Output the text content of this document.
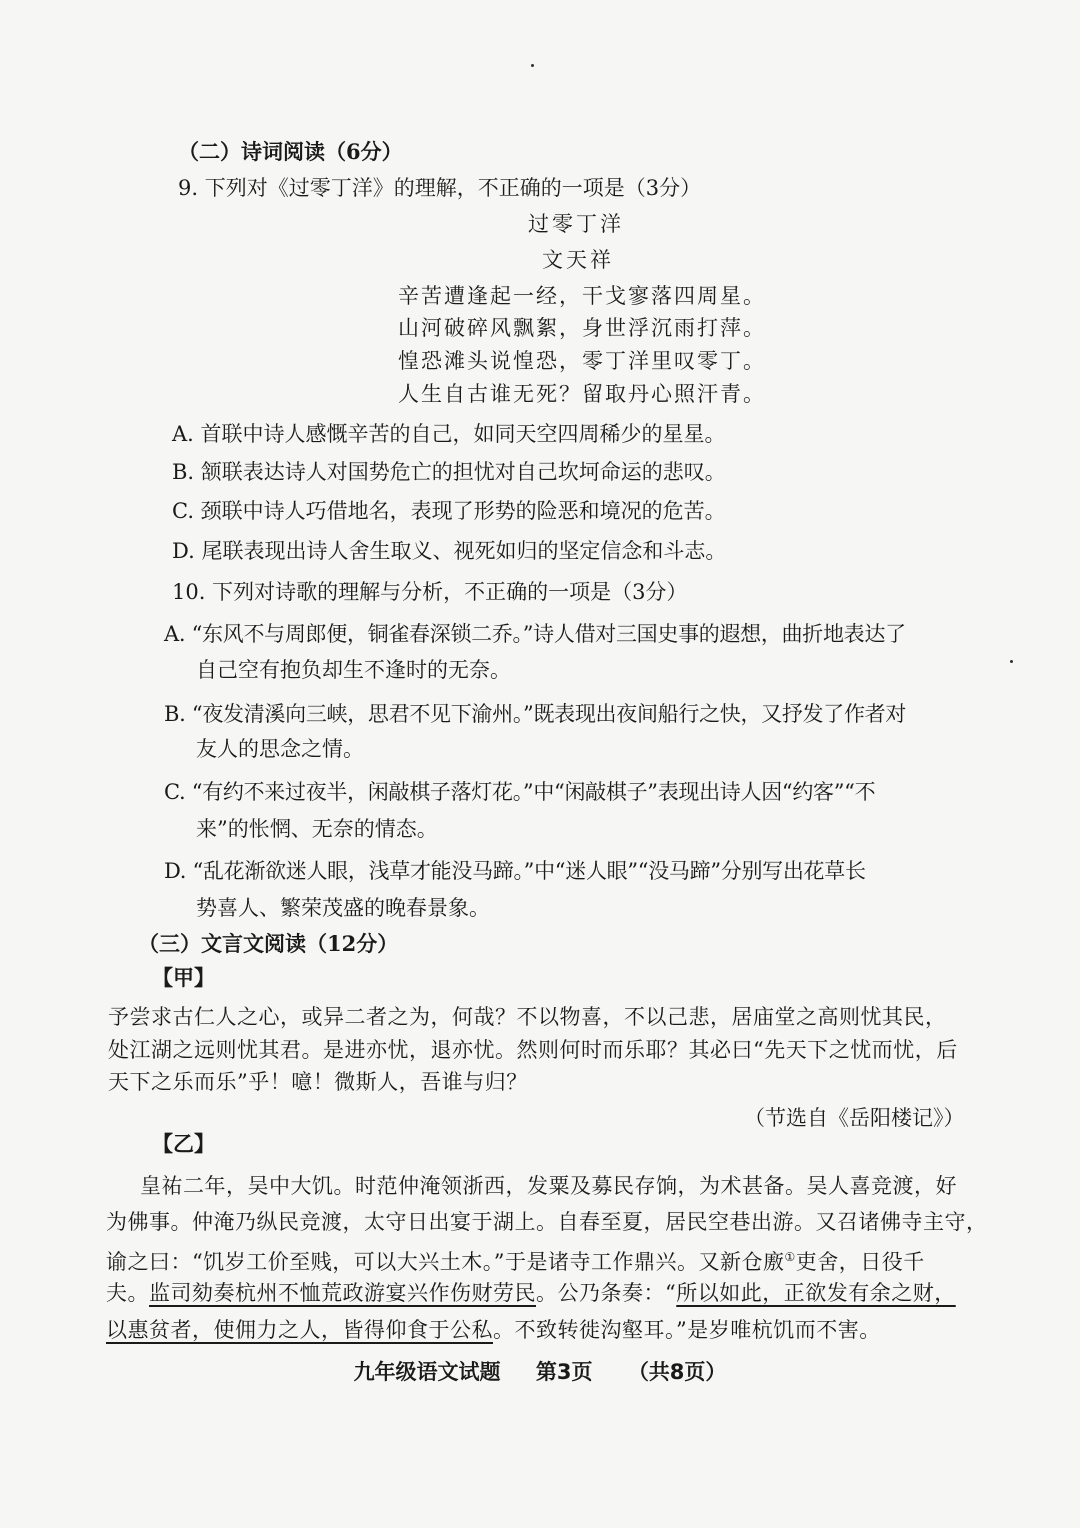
（二）诗词阅读（6分）
9. 下列对《过零丁洋》的理解，不正确的一项是（3分）
过零丁洋
文天祥
辛苦遭逢起一经，干戈寥落四周星。
山河破碎风飘絮，身世浮沉雨打萍。
惶恐滩头说惶恐，零丁洋里叹零丁。
人生自古谁无死？留取丹心照汗青。
A. 首联中诗人感慨辛苦的自己，如同天空四周稀少的星星。
B. 颔联表达诗人对国势危亡的担忧对自己坎坷命运的悲叹。
C. 颈联中诗人巧借地名，表现了形势的险恶和境况的危苦。
D. 尾联表现出诗人舍生取义、视死如归的坚定信念和斗志。
10. 下列对诗歌的理解与分析，不正确的一项是（3分）
A. “东风不与周郎便，铜雀春深锁二乔。”诗人借对三国史事的遐想，曲折地表达了
自己空有抱负却生不逢时的无奈。
B. “夜发清溪向三峡，思君不见下渝州。”既表现出夜间船行之快，又抒发了作者对
友人的思念之情。
C. “有约不来过夜半，闲敲棋子落灯花。”中“闲敲棋子”表现出诗人因“约客”“不
来”的怅惘、无奈的情态。
D. “乱花渐欲迷人眼，浅草才能没马蹄。”中“迷人眼”“没马蹄”分别写出花草长
势喜人、繁荣茂盛的晚春景象。
（三）文言文阅读（12分）
【甲】
予尝求古仁人之心，或异二者之为，何哉？不以物喜，不以己悲，居庙堂之高则忧其民，
处江湖之远则忧其君。是进亦忧，退亦忧。然则何时而乐耶？其必曰“先天下之忧而忧，后
天下之乐而乐”乎！噫！微斯人，吾谁与归？
（节选自《岳阳楼记》）
【乙】
皇祐二年，吴中大饥。时范仲淹领浙西，发粟及募民存饷，为术甚备。吴人喜竞渡，好
为佛事。仲淹乃纵民竞渡，太守日出宴于湖上。自春至夏，居民空巷出游。又召诸佛寺主守，
谕之曰：“饥岁工价至贱，可以大兴土木。”于是诸寺工作鼎兴。又新仓廒①吏舍，日役千
夫。监司劾奏杭州不恤荒政游宴兴作伤财劳民。公乃条奏：“所以如此，正欲发有余之财，
以惠贫者，使佣力之人，皆得仰食于公私。不致转徙沟壑耳。”是岁唯杭饥而不害。
九年级语文试题 第3页 （共8页）
